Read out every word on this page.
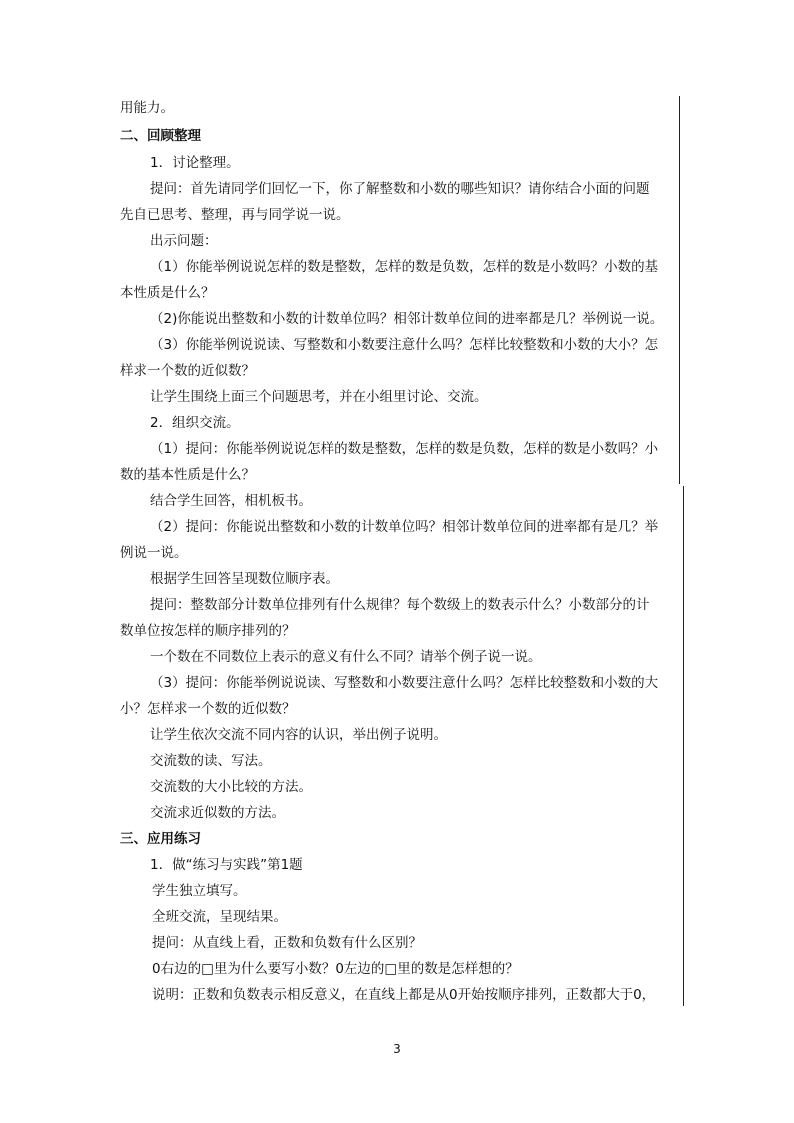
用能力。
二、回顾整理
1．讨论整理。
提问：首先请同学们回忆一下，你了解整数和小数的哪些知识？请你结合小面的问题
先自已思考、整理，再与同学说一说。
出示问题：
（1）你能举例说说怎样的数是整数，怎样的数是负数，怎样的数是小数吗？小数的基
本性质是什么？
（2)你能说出整数和小数的计数单位吗？相邻计数单位间的进率都是几？举例说一说。
（3）你能举例说说读、写整数和小数要注意什么吗？怎样比较整数和小数的大小？怎
样求一个数的近似数？
让学生围绕上面三个问题思考，并在小组里讨论、交流。
2．组织交流。
（1）提问：你能举例说说怎样的数是整数，怎样的数是负数，怎样的数是小数吗？小
数的基本性质是什么？
结合学生回答，相机板书。
（2）提问：你能说出整数和小数的计数单位吗？相邻计数单位间的进率都有是几？举
例说一说。
根据学生回答呈现数位顺序表。
提问：整数部分计数单位排列有什么规律？每个数级上的数表示什么？小数部分的计
数单位按怎样的顺序排列的？
一个数在不同数位上表示的意义有什么不同？请举个例子说一说。
（3）提问：你能举例说说读、写整数和小数要注意什么吗？怎样比较整数和小数的大
小？怎样求一个数的近似数？
让学生依次交流不同内容的认识，举出例子说明。
交流数的读、写法。
交流数的大小比较的方法。
交流求近似数的方法。
三、应用练习
1．做“练习与实践”第1题
学生独立填写。
全班交流，呈现结果。
提问：从直线上看，正数和负数有什么区别？
0右边的□里为什么要写小数？0左边的□里的数是怎样想的？
说明：正数和负数表示相反意义，在直线上都是从0开始按顺序排列，正数都大于0，
3
